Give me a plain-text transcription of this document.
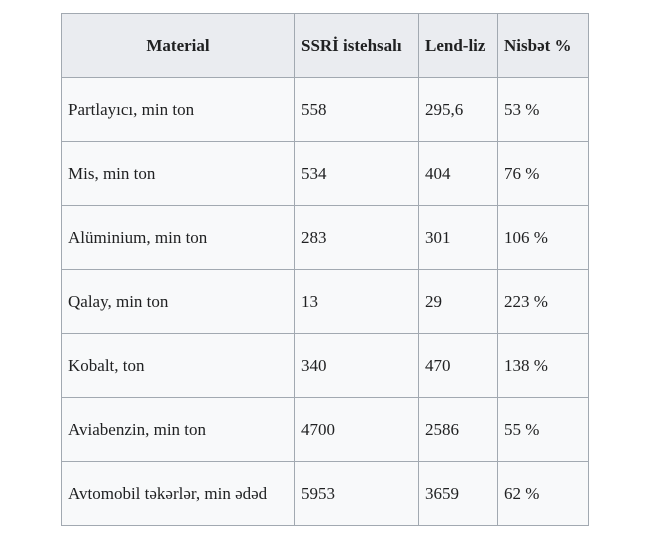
Material	SSRİ istehsalı	Lend-liz	Nisbət %
Partlayıcı, min ton	558	295,6	53 %
Mis, min ton	534	404	76 %
Alüminium, min ton	283	301	106 %
Qalay, min ton	13	29	223 %
Kobalt, ton	340	470	138 %
Aviabenzin, min ton	4700	2586	55 %
Avtomobil təkərlər, min ədəd	5953	3659	62 %
